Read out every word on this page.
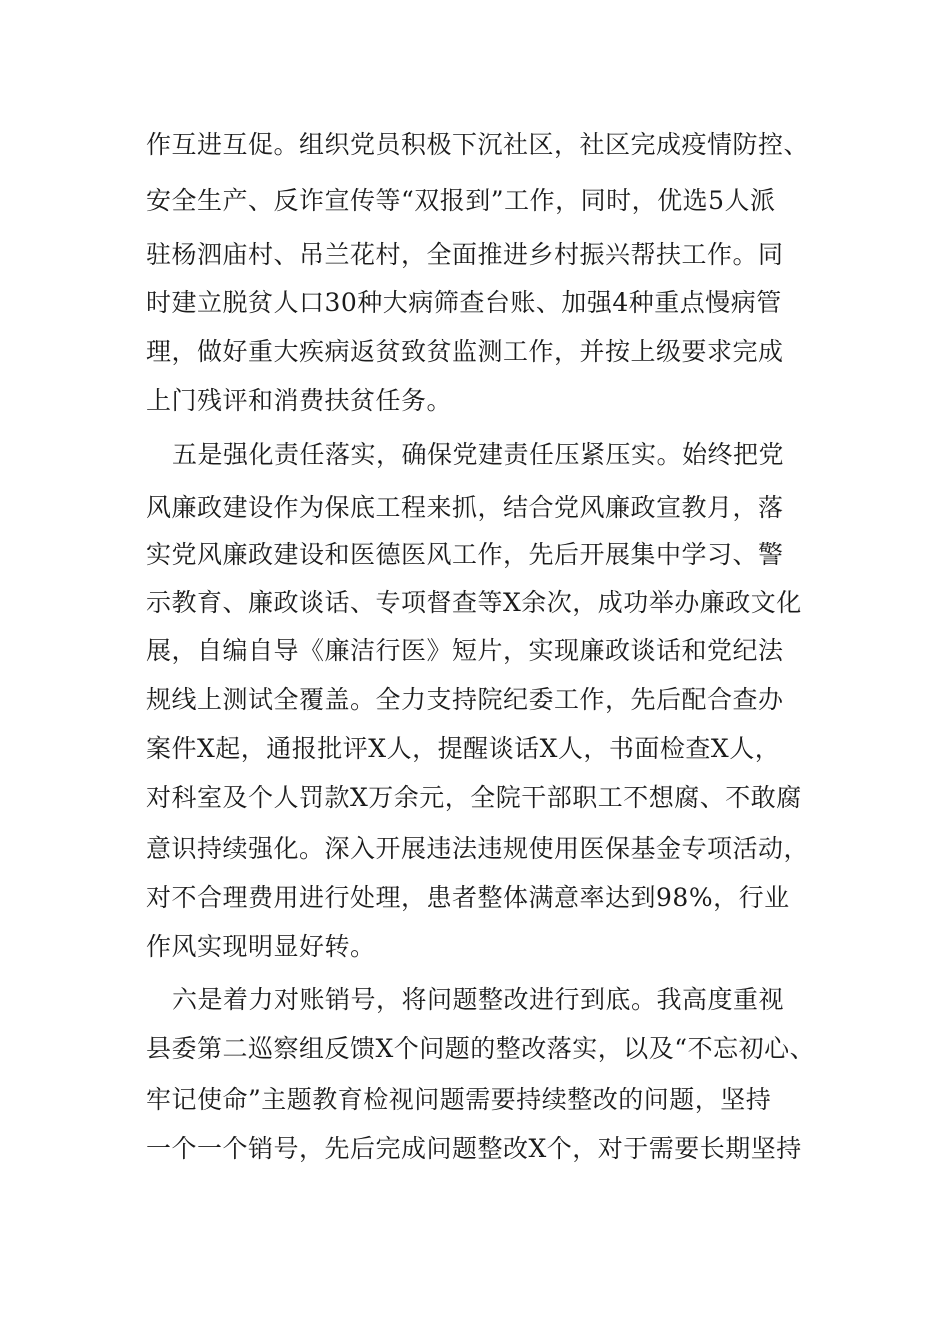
作互进互促。组织党员积极下沉社区，社区完成疫情防控、
安全生产、反诈宣传等“双报到”工作，同时，优选5人派
驻杨泗庙村、吊兰花村，全面推进乡村振兴帮扶工作。同
时建立脱贫人口30种大病筛查台账、加强4种重点慢病管
理，做好重大疾病返贫致贫监测工作，并按上级要求完成
上门残评和消费扶贫任务。
五是强化责任落实，确保党建责任压紧压实。始终把党
风廉政建设作为保底工程来抓，结合党风廉政宣教月，落
实党风廉政建设和医德医风工作，先后开展集中学习、警
示教育、廉政谈话、专项督查等X余次，成功举办廉政文化
展，自编自导《廉洁行医》短片，实现廉政谈话和党纪法
规线上测试全覆盖。全力支持院纪委工作，先后配合查办
案件X起，通报批评X人，提醒谈话X人，书面检查X人，
对科室及个人罚款X万余元，全院干部职工不想腐、不敢腐
意识持续强化。深入开展违法违规使用医保基金专项活动，
对不合理费用进行处理，患者整体满意率达到98%，行业
作风实现明显好转。
六是着力对账销号，将问题整改进行到底。我高度重视
县委第二巡察组反馈X个问题的整改落实，以及“不忘初心、
牢记使命”主题教育检视问题需要持续整改的问题，坚持
一个一个销号，先后完成问题整改X个，对于需要长期坚持
